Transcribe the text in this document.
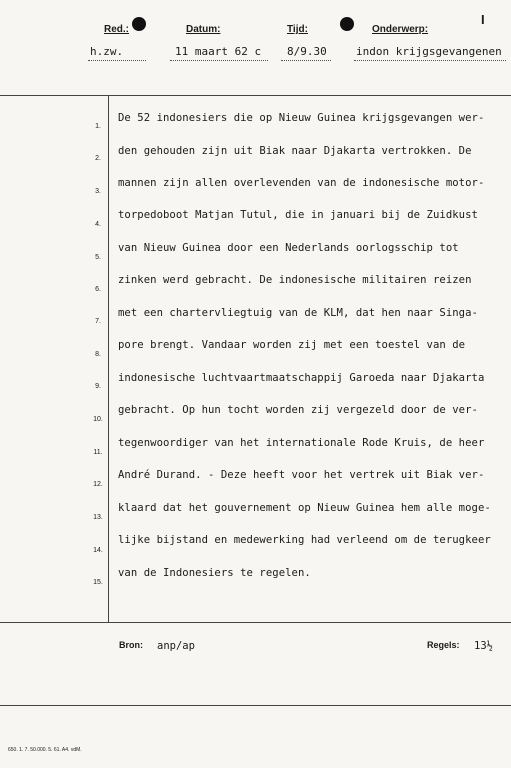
Red.:	Datum:	Tijd:	Onderwerp:
I
h.zw.	11 maart 62 c 8/9.30	indon krijgsgevangenen
1.
2.
3.
4.
5.
6.
7.
8.
9.
10.
11.
12.
13.
14.
15.
De 52 indonesiers die op Nieuw Guinea krijgsgevangen wer-
den gehouden zijn uit Biak naar Djakarta vertrokken. De
mannen zijn allen overlevenden van de indonesische motor-
torpedoboot Matjan Tutul, die in januari bij de Zuidkust
van Nieuw Guinea door een Nederlands oorlogsschip tot
zinken werd gebracht. De indonesische militairen reizen
met een chartervliegtuig van de KLM, dat hen naar Singa-
pore brengt. Vandaar worden zij met een toestel van de
indonesische luchtvaartmaatschappij Garoeda naar Djakarta
gebracht. Op hun tocht worden zij vergezeld door de ver-
tegenwoordiger van het internationale Rode Kruis, de heer
André Durand. - Deze heeft voor het vertrek uit Biak ver-
klaard dat het gouvernement op Nieuw Guinea hem alle moge-
lijke bijstand en medewerking had verleend om de terugkeer
van de Indonesiers te regelen.
Bron: anp/ap	Regels: 13½
650. 1. 7. 50.000. 5. 61. A4. vdM.
